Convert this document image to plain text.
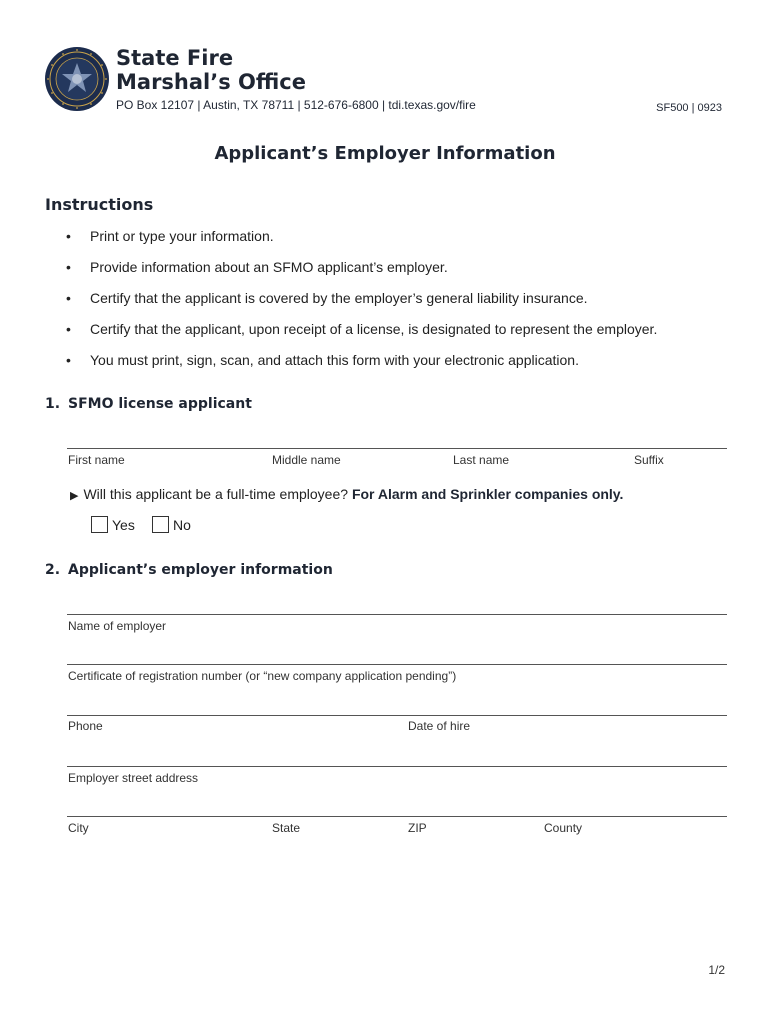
State Fire
Marshal’s Office
PO Box 12107 | Austin, TX 78711 | 512-676-6800 | tdi.texas.gov/fire	SF500 | 0923
Applicant’s Employer Information
Instructions
•	Print or type your information.
•	Provide information about an SFMO applicant’s employer.
•	Certify that the applicant is covered by the employer’s general liability insurance.
•	Certify that the applicant, upon receipt of a license, is designated to represent the employer.
•	You must print, sign, scan, and attach this form with your electronic application.
1. SFMO license applicant
First name	Middle name	Last name	Suffix
▶ Will this applicant be a full-time employee? For Alarm and Sprinkler companies only.
Yes	No
2. Applicant’s employer information
Name of employer
Certificate of registration number (or “new company application pending”)
Phone	Date of hire
Employer street address
City	State	ZIP	County
1/2
